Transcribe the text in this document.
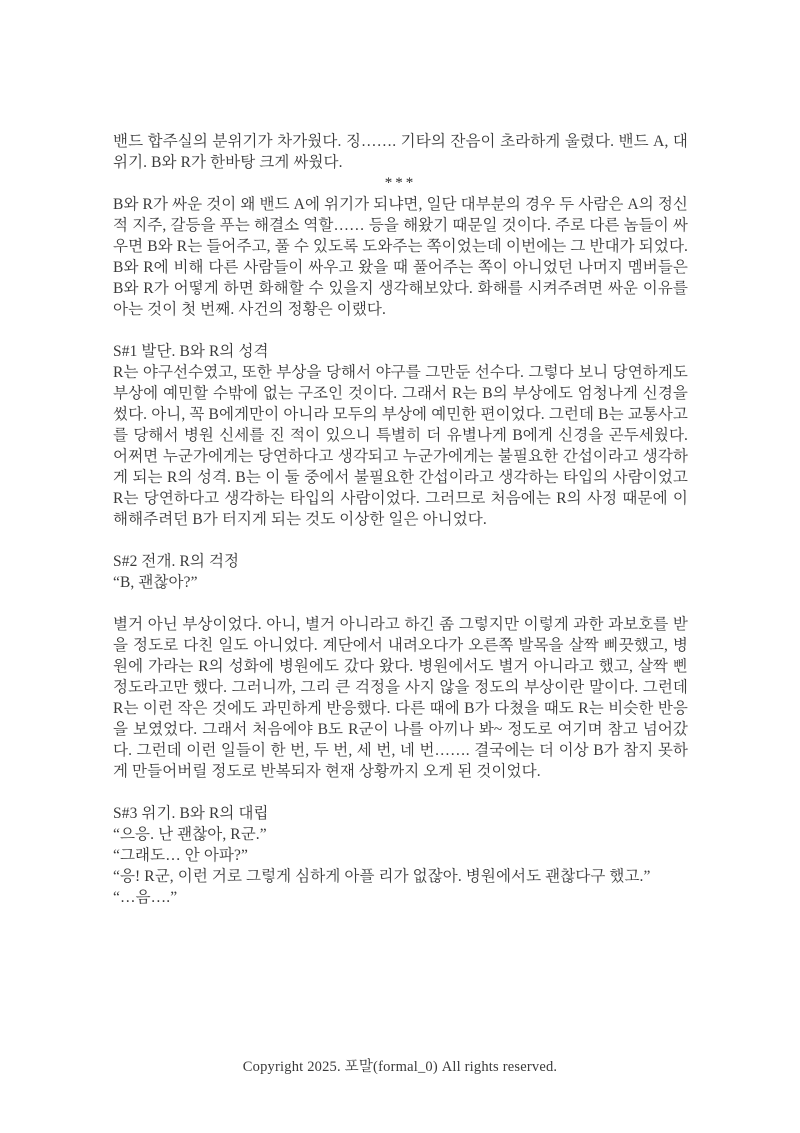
밴드 합주실의 분위기가 차가웠다. 징……. 기타의 잔음이 초라하게 울렸다. 밴드 A, 대위기. B와 R가 한바탕 크게 싸웠다.

***

B와 R가 싸운 것이 왜 밴드 A에 위기가 되냐면, 일단 대부분의 경우 두 사람은 A의 정신적 지주, 갈등을 푸는 해결소 역할…… 등을 해왔기 때문일 것이다. 주로 다른 놈들이 싸우면 B와 R는 들어주고, 풀 수 있도록 도와주는 쪽이었는데 이번에는 그 반대가 되었다. B와 R에 비해 다른 사람들이 싸우고 왔을 때 풀어주는 쪽이 아니었던 나머지 멤버들은 B와 R가 어떻게 하면 화해할 수 있을지 생각해보았다. 화해를 시켜주려면 싸운 이유를 아는 것이 첫 번째. 사건의 정황은 이랬다.

S#1 발단. B와 R의 성격

R는 야구선수였고, 또한 부상을 당해서 야구를 그만둔 선수다. 그렇다 보니 당연하게도 부상에 예민할 수밖에 없는 구조인 것이다. 그래서 R는 B의 부상에도 엄청나게 신경을 썼다. 아니, 꼭 B에게만이 아니라 모두의 부상에 예민한 편이었다. 그런데 B는 교통사고를 당해서 병원 신세를 진 적이 있으니 특별히 더 유별나게 B에게 신경을 곤두세웠다. 어쩌면 누군가에게는 당연하다고 생각되고 누군가에게는 불필요한 간섭이라고 생각하게 되는 R의 성격. B는 이 둘 중에서 불필요한 간섭이라고 생각하는 타입의 사람이었고 R는 당연하다고 생각하는 타입의 사람이었다. 그러므로 처음에는 R의 사정 때문에 이해해주려던 B가 터지게 되는 것도 이상한 일은 아니었다.

S#2 전개. R의 걱정

“B, 괜찮아?”

별거 아닌 부상이었다. 아니, 별거 아니라고 하긴 좀 그렇지만 이렇게 과한 과보호를 받을 정도로 다친 일도 아니었다. 계단에서 내려오다가 오른쪽 발목을 살짝 삐끗했고, 병원에 가라는 R의 성화에 병원에도 갔다 왔다. 병원에서도 별거 아니라고 했고, 살짝 삔 정도라고만 했다. 그러니까, 그리 큰 걱정을 사지 않을 정도의 부상이란 말이다. 그런데 R는 이런 작은 것에도 과민하게 반응했다. 다른 때에 B가 다쳤을 때도 R는 비슷한 반응을 보였었다. 그래서 처음에야 B도 R군이 나를 아끼나 봐~ 정도로 여기며 참고 넘어갔다. 그런데 이런 일들이 한 번, 두 번, 세 번, 네 번……. 결국에는 더 이상 B가 참지 못하게 만들어버릴 정도로 반복되자 현재 상황까지 오게 된 것이었다.

S#3 위기. B와 R의 대립

“으응. 난 괜찮아, R군.”

“그래도… 안 아파?”

“응! R군, 이런 거로 그렇게 심하게 아플 리가 없잖아. 병원에서도 괜찮다구 했고.”

“…음….”

Copyright 2025. 포말(formal_0) All rights reserved.
